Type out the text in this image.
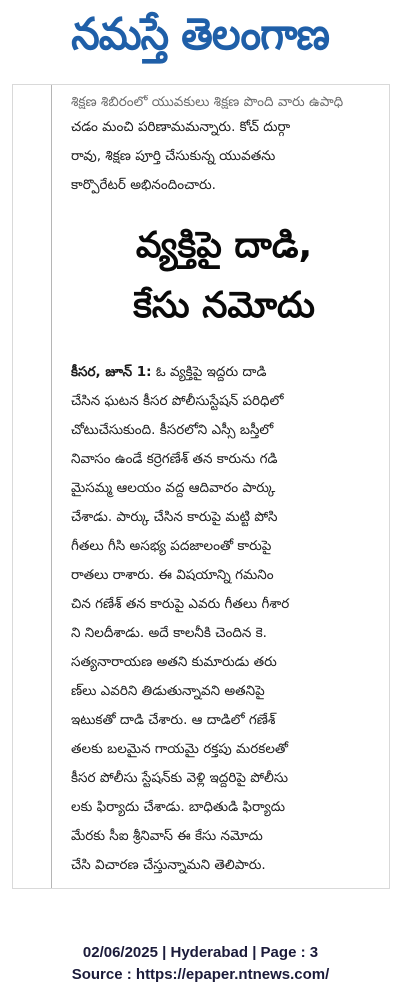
నమస్తే తెలంగాణ
శిక్షణ శిబిరంలో యువకులు శిక్షణ పొంది వారు ఉపాధి
చడం మంచి పరిణామమన్నారు. కోచ్ దుర్గా
రావు, శిక్షణ పూర్తి చేసుకున్న యువతను
కార్పొరేటర్ అభినందించారు.
వ్యక్తిపై దాడి,
కేసు నమోదు
కీసర, జూన్ 1: ఓ వ్యక్తిపై ఇద్దరు దాడి
చేసిన ఘటన కీసర పోలీసుస్టేషన్ పరిధిలో
చోటుచేసుకుంది. కీసరలోని ఎస్సీ బస్తీలో
నివాసం ఉండే కర్రెగణేశ్ తన కారును గడి
మైసమ్మ ఆలయం వద్ద ఆదివారం పార్కు
చేశాడు. పార్కు చేసిన కారుపై మట్టి పోసి
గీతలు గీసి అసభ్య పదజాలంతో కారుపై
రాతలు రాశారు. ఈ విషయాన్ని గమనిం
చిన గణేశ్ తన కారుపై ఎవరు గీతలు గీశార
ని నిలదీశాడు. అదే కాలనీకి చెందిన కె.
సత్యనారాయణ అతని కుమారుడు తరు
ణ్‌లు ఎవరిని తిడుతున్నావని అతనిపై
ఇటుకతో దాడి చేశారు. ఆ దాడిలో గణేశ్
తలకు బలమైన గాయమై రక్తపు మరకలతో
కీసర పోలీసు స్టేషన్‌కు వెళ్లి ఇద్దరిపై పోలీసు
లకు ఫిర్యాదు చేశాడు. బాధితుడి ఫిర్యాదు
మేరకు సీఐ శ్రీనివాస్ ఈ కేసు నమోదు
చేసి విచారణ చేస్తున్నామని తెలిపారు.
02/06/2025 | Hyderabad | Page : 3
Source : https://epaper.ntnews.com/
